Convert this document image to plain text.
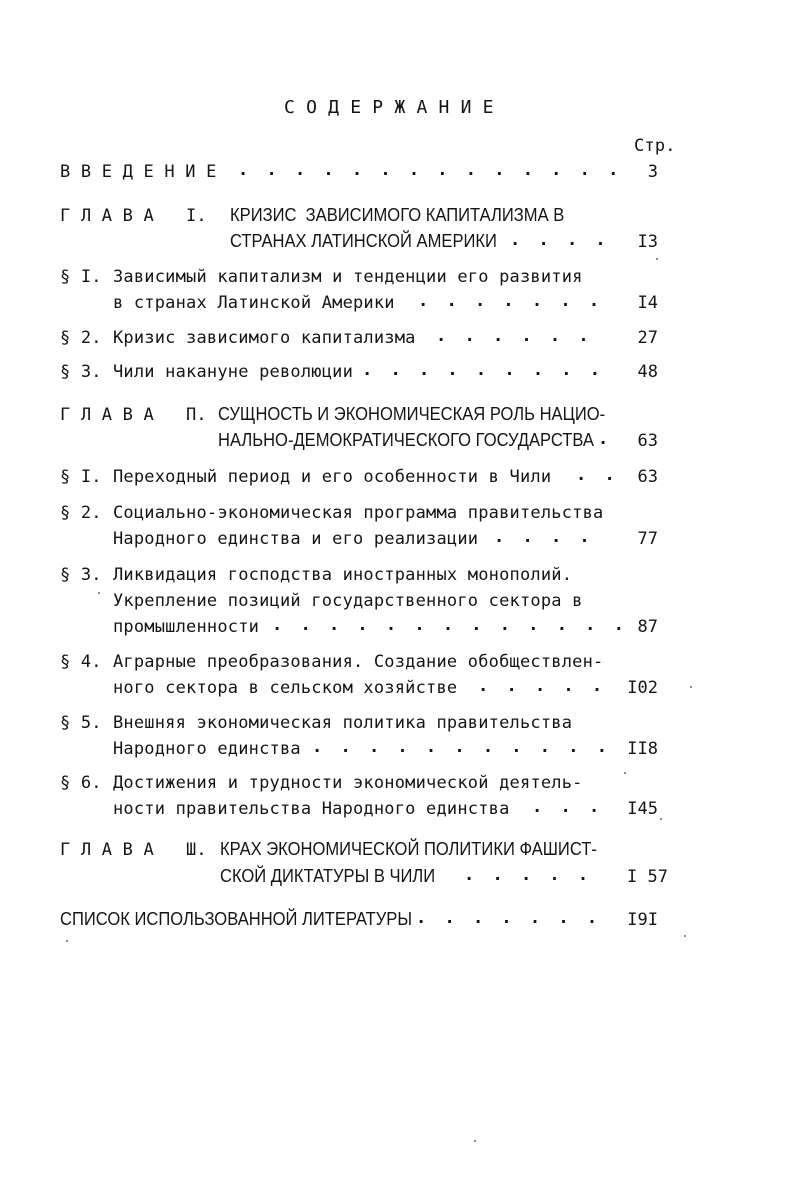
С О Д Е Р Ж А Н И Е
Стр.
В В Е Д Е Н И Е . . . . . . . . . . . . . .	3
Г Л А В А I. КРИЗИС  ЗАВИСИМОГО КАПИТАЛИЗМА В
СТРАНАХ ЛАТИНСКОЙ АМЕРИКИ . . . .	I3
§ I. Зависимый капитализм и тенденции его развития
в странах Латинской Америки . . . . . . .	I4
§ 2. Кризис зависимого капитализма . . . . . .	27
§ 3. Чили накануне революции . . . . . . . . .	48
Г Л А В А П. СУЩНОСТЬ И ЭКОНОМИЧЕСКАЯ РОЛЬ НАЦИО-
НАЛЬНО-ДЕМОКРАТИЧЕСКОГО ГОСУДАРСТВА .	63
§ I. Переходный период и его особенности в Чили . .	63
§ 2. Социально-экономическая программа правительства
Народного единства и его реализации . . . .	77
§ 3. Ликвидация господства иностранных монополий.
Укрепление позиций государственного сектора в
промышленности . . . . . . . . . . . . . 87
§ 4. Аграрные преобразования. Создание обобществлен-
ного сектора в сельском хозяйстве . . . . .	I02
§ 5. Внешняя экономическая политика правительства
Народного единства . . . . . . . . . . . II8
§ 6. Достижения и трудности экономической деятель-
ности правительства Народного единства . . .	I45
Г Л А В А Ш. КРАХ ЭКОНОМИЧЕСКОЙ ПОЛИТИКИ ФАШИСТ-
СКОЙ ДИКТАТУРЫ В ЧИЛИ . . . . .	I 57
СПИСОК ИСПОЛЬЗОВАННОЙ ЛИТЕРАТУРЫ . . . . . . .	I9I
